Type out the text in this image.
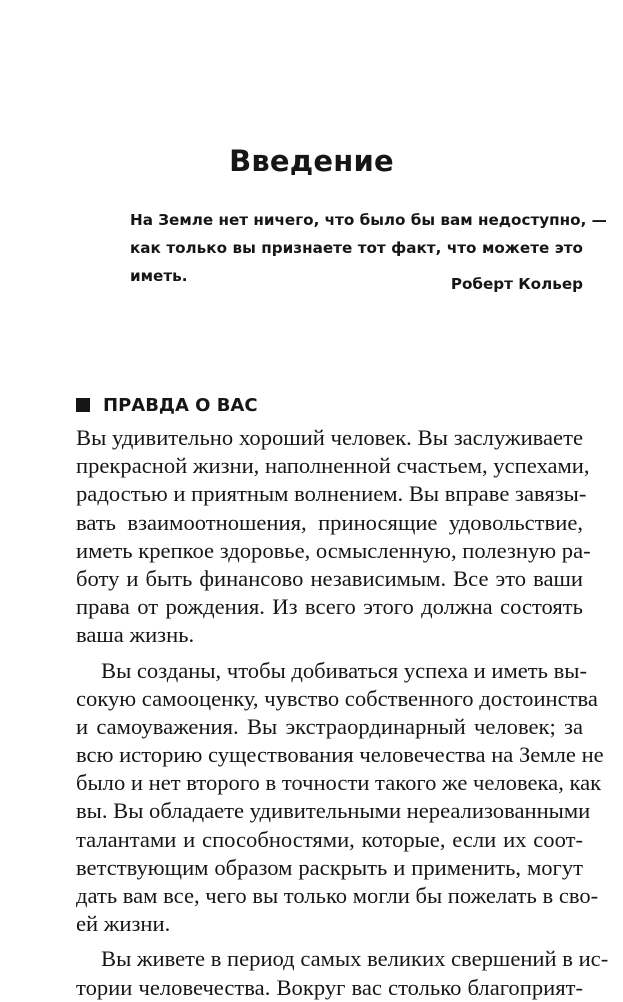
Введение
На Земле нет ничего, что было бы вам недоступно, —
как только вы признаете тот факт, что можете это
иметь.	Роберт Кольер
ПРАВДА О ВАС
Вы удивительно хороший человек. Вы заслуживаете
прекрасной жизни, наполненной счастьем, успехами,
радостью и приятным волнением. Вы вправе завязы-
вать взаимоотношения, приносящие удовольствие,
иметь крепкое здоровье, осмысленную, полезную ра-
боту и быть финансово независимым. Все это ваши
права от рождения. Из всего этого должна состоять
ваша жизнь.
Вы созданы, чтобы добиваться успеха и иметь вы-
сокую самооценку, чувство собственного достоинства
и самоуважения. Вы экстраординарный человек; за
всю историю существования человечества на Земле не
было и нет второго в точности такого же человека, как
вы. Вы обладаете удивительными нереализованными
талантами и способностями, которые, если их соот-
ветствующим образом раскрыть и применить, могут
дать вам все, чего вы только могли бы пожелать в сво-
ей жизни.
Вы живете в период самых великих свершений в ис-
тории человечества. Вокруг вас столько благоприят-
